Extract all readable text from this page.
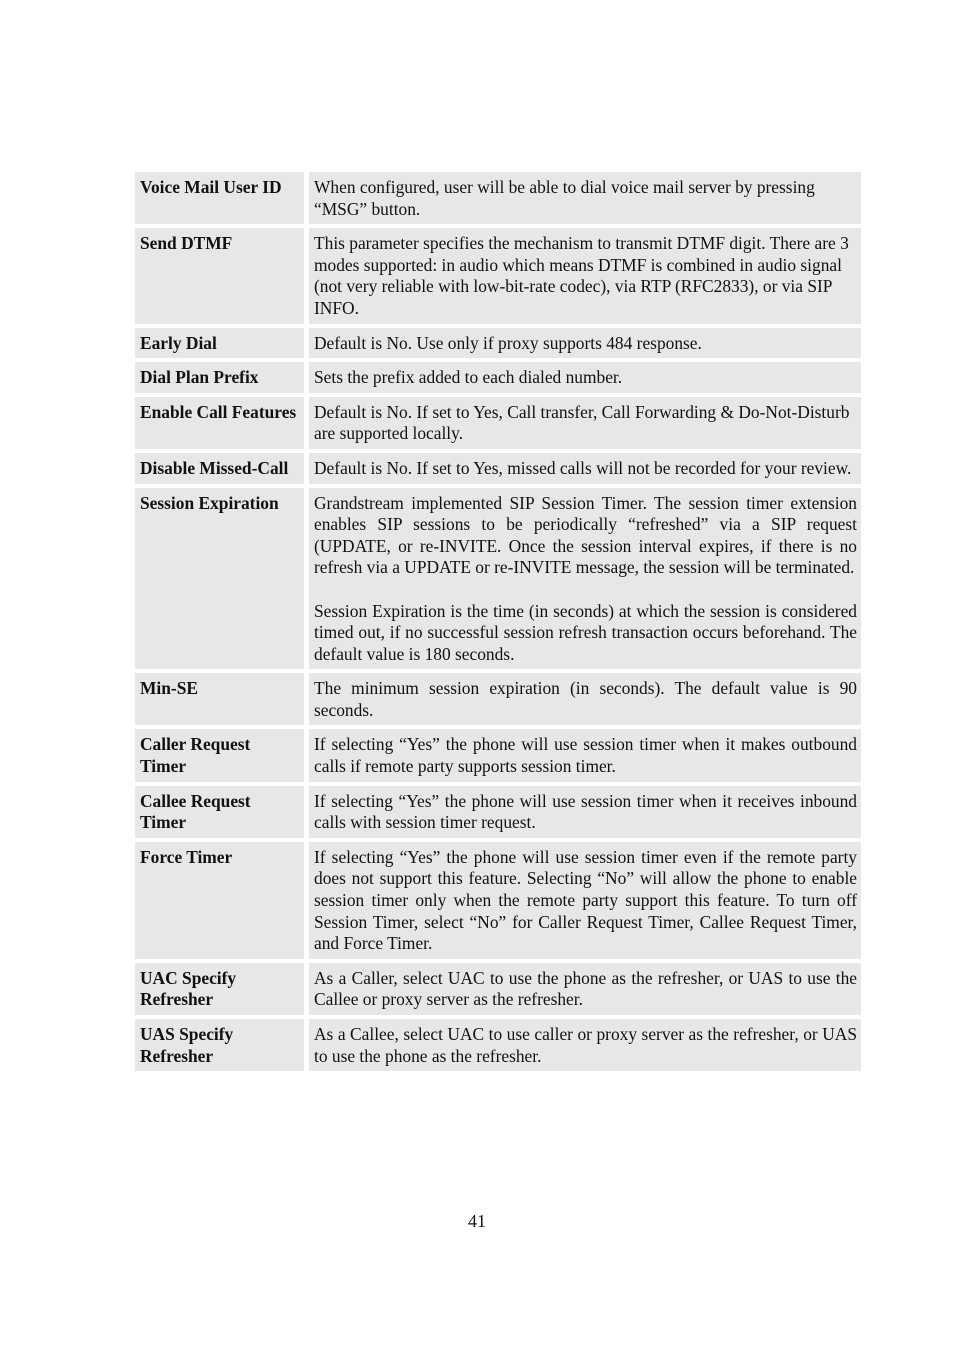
Voice Mail User ID	When configured, user will be able to dial voice mail server by pressing “MSG” button.

Send DTMF	This parameter specifies the mechanism to transmit DTMF digit. There are 3 modes supported: in audio which means DTMF is combined in audio signal (not very reliable with low-bit-rate codec), via RTP (RFC2833), or via SIP INFO.

Early Dial	Default is No. Use only if proxy supports 484 response.

Dial Plan Prefix	Sets the prefix added to each dialed number.

Enable Call Features	Default is No. If set to Yes, Call transfer, Call Forwarding & Do-Not-Disturb are supported locally.

Disable Missed-Call	Default is No. If set to Yes, missed calls will not be recorded for your review.

Session Expiration	Grandstream implemented SIP Session Timer. The session timer extension enables SIP sessions to be periodically “refreshed” via a SIP request (UPDATE, or re-INVITE. Once the session interval expires, if there is no refresh via a UPDATE or re-INVITE message, the session will be terminated.
Session Expiration is the time (in seconds) at which the session is considered timed out, if no successful session refresh transaction occurs beforehand. The default value is 180 seconds.

Min-SE	The minimum session expiration (in seconds). The default value is 90 seconds.

Caller Request Timer	If selecting “Yes” the phone will use session timer when it makes outbound calls if remote party supports session timer.

Callee Request Timer	If selecting “Yes” the phone will use session timer when it receives inbound calls with session timer request.

Force Timer	If selecting “Yes” the phone will use session timer even if the remote party does not support this feature. Selecting “No” will allow the phone to enable session timer only when the remote party support this feature. To turn off Session Timer, select “No” for Caller Request Timer, Callee Request Timer, and Force Timer.

UAC Specify Refresher	As a Caller, select UAC to use the phone as the refresher, or UAS to use the Callee or proxy server as the refresher.

UAS Specify Refresher	As a Callee, select UAC to use caller or proxy server as the refresher, or UAS to use the phone as the refresher.
41
